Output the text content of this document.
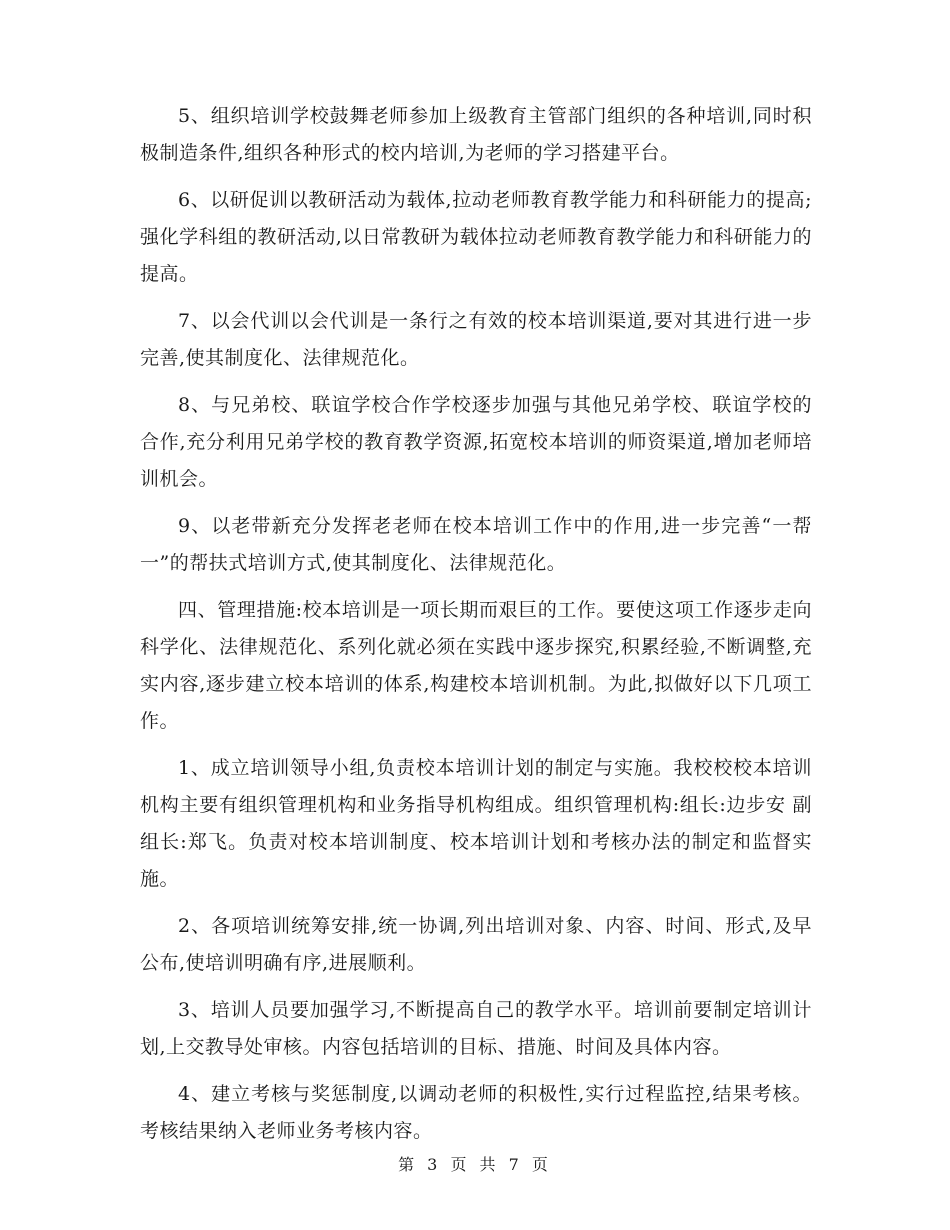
5、组织培训学校鼓舞老师参加上级教育主管部门组织的各种培训,同时积极制造条件,组织各种形式的校内培训,为老师的学习搭建平台。

6、以研促训以教研活动为载体,拉动老师教育教学能力和科研能力的提高;强化学科组的教研活动,以日常教研为载体拉动老师教育教学能力和科研能力的提高。

7、以会代训以会代训是一条行之有效的校本培训渠道,要对其进行进一步完善,使其制度化、法律规范化。

8、与兄弟校、联谊学校合作学校逐步加强与其他兄弟学校、联谊学校的合作,充分利用兄弟学校的教育教学资源,拓宽校本培训的师资渠道,增加老师培训机会。

9、以老带新充分发挥老老师在校本培训工作中的作用,进一步完善“一帮一”的帮扶式培训方式,使其制度化、法律规范化。

四、管理措施:校本培训是一项长期而艰巨的工作。要使这项工作逐步走向科学化、法律规范化、系列化就必须在实践中逐步探究,积累经验,不断调整,充实内容,逐步建立校本培训的体系,构建校本培训机制。为此,拟做好以下几项工作。

1、成立培训领导小组,负责校本培训计划的制定与实施。我校校校本培训机构主要有组织管理机构和业务指导机构组成。组织管理机构:组长:边步安 副组长:郑飞。负责对校本培训制度、校本培训计划和考核办法的制定和监督实施。

2、各项培训统筹安排,统一协调,列出培训对象、内容、时间、形式,及早公布,使培训明确有序,进展顺利。

3、培训人员要加强学习,不断提高自己的教学水平。培训前要制定培训计划,上交教导处审核。内容包括培训的目标、措施、时间及具体内容。

4、建立考核与奖惩制度,以调动老师的积极性,实行过程监控,结果考核。考核结果纳入老师业务考核内容。

第 3 页 共 7 页
